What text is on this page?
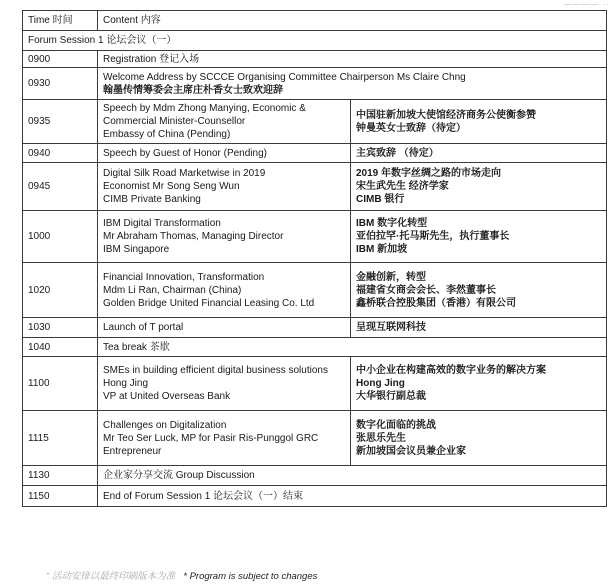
———— ··
Time 时间	Content 内容	
Forum Session 1 论坛会议（一）		
0900	Registration 登记入场	

0930	Welcome Address by SCCCE Organising Committee Chairperson Ms Claire Chng
翰墨传情筹委会主席庄朴香女士致欢迎辞	

0935	Speech by Mdm Zhong Manying, Economic &
Commercial Minister-Counsellor
Embassy of China (Pending)	中国驻新加坡大使馆经济商务公使衡参赞
钟曼英女士致辞（待定）

0940	Speech by Guest of Honor (Pending)	主宾致辞 （待定）

0945	Digital Silk Road Marketwise in 2019
Economist Mr Song Seng Wun
CIMB Private Banking	2019 年数字丝绸之路的市场走向
宋生武先生 经济学家
CIMB 银行

1000	IBM Digital Transformation
Mr Abraham Thomas, Managing Director
IBM Singapore	IBM 数字化转型
亚伯拉罕·托马斯先生，执行董事长
IBM 新加坡

1020	Financial Innovation, Transformation
Mdm Li Ran, Chairman (China)
Golden Bridge United Financial Leasing Co. Ltd	金融创新，转型
福建省女商会会长、李然董事长
鑫桥联合控股集团（香港）有限公司

1030	Launch of T portal	呈现互联网科技

1040	Tea break 茶歇	

1100	SMEs in building efficient digital business solutions
Hong Jing
VP at United Overseas Bank	中小企业在构建高效的数字业务的解决方案
Hong Jing
大华银行副总裁

1115	Challenges on Digitalization
Mr Teo Ser Luck, MP for Pasir Ris-Punggol GRC
Entrepreneur	数字化面临的挑战
张思乐先生
新加坡国会议员兼企业家

1130	企业家分享交流 Group Discussion	

1150	End of Forum Session 1 论坛会议（一）结束	
“ 活动安排以最终印刷版本为准 * Program is subject to changes
